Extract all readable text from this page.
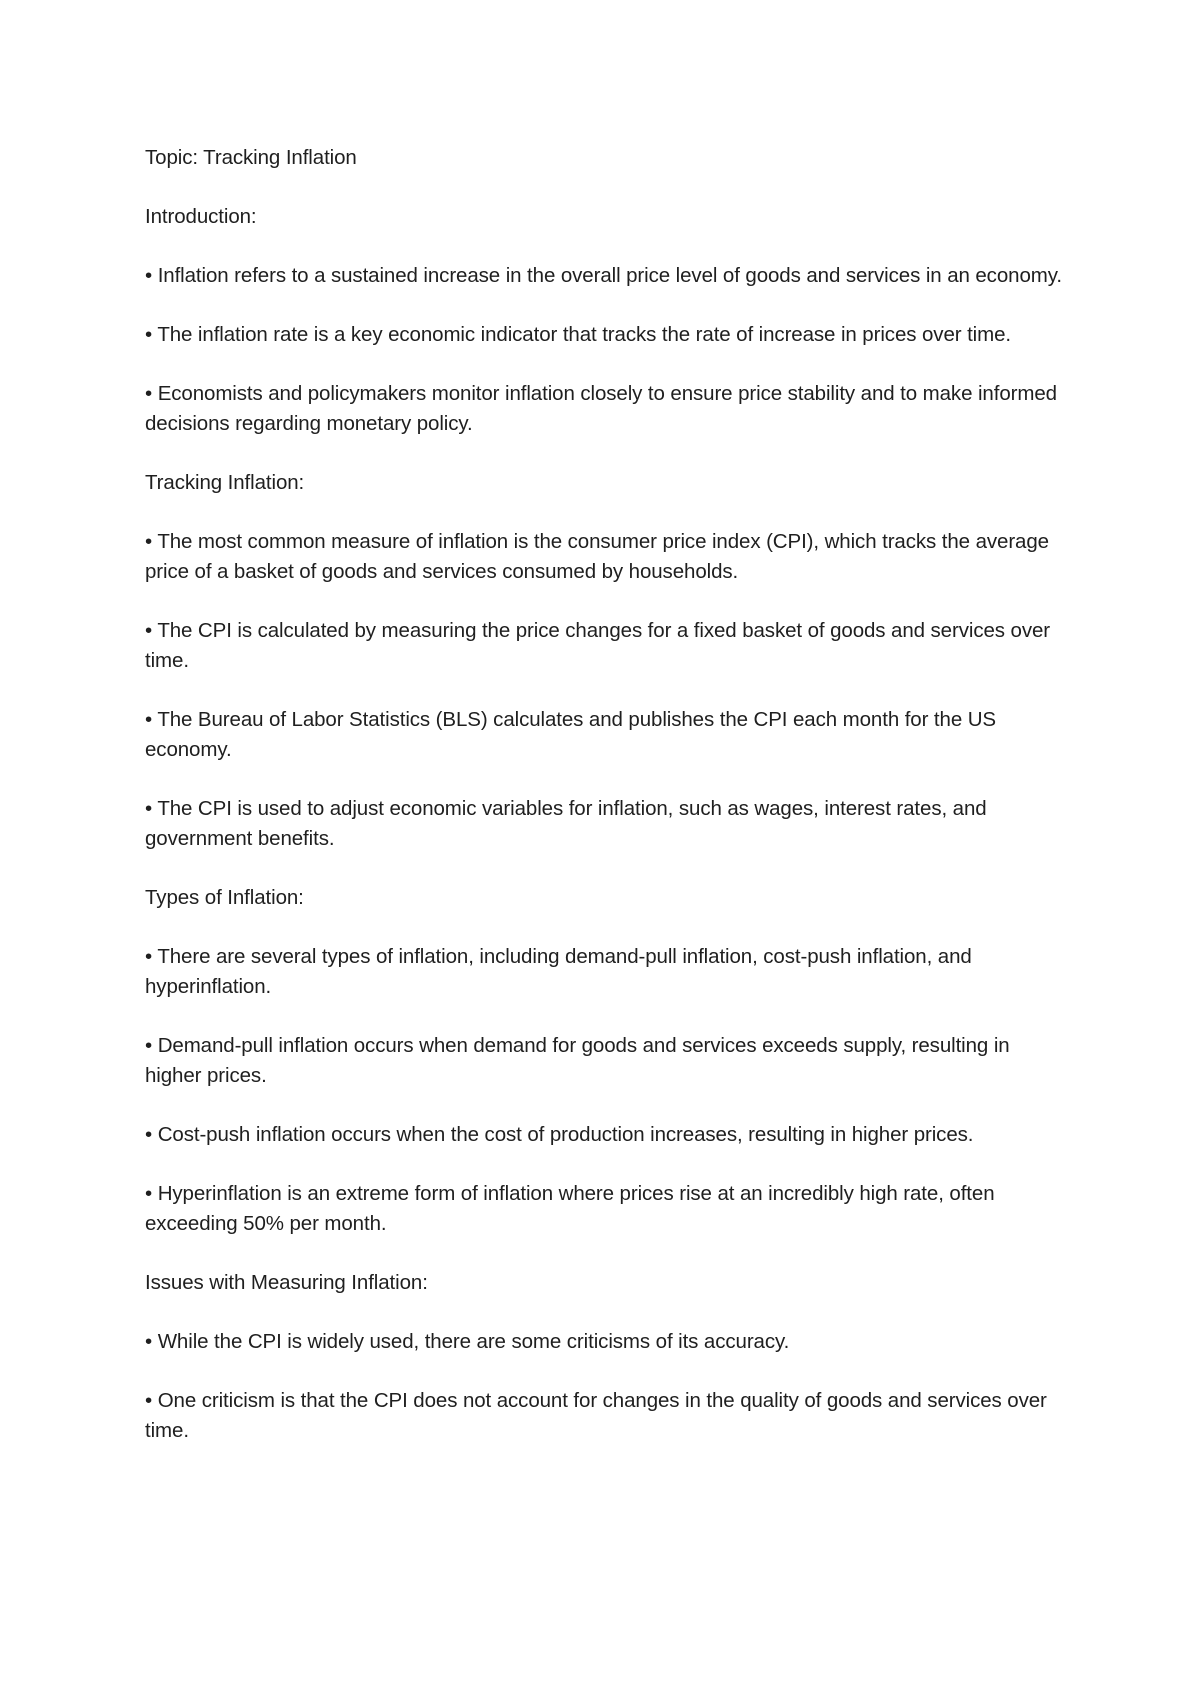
Topic: Tracking Inflation

Introduction:

• Inflation refers to a sustained increase in the overall price level of goods and services in an economy.

• The inflation rate is a key economic indicator that tracks the rate of increase in prices over time.

• Economists and policymakers monitor inflation closely to ensure price stability and to make informed decisions regarding monetary policy.

Tracking Inflation:

• The most common measure of inflation is the consumer price index (CPI), which tracks the average price of a basket of goods and services consumed by households.

• The CPI is calculated by measuring the price changes for a fixed basket of goods and services over time.

• The Bureau of Labor Statistics (BLS) calculates and publishes the CPI each month for the US economy.

• The CPI is used to adjust economic variables for inflation, such as wages, interest rates, and government benefits.

Types of Inflation:

• There are several types of inflation, including demand-pull inflation, cost-push inflation, and hyperinflation.

• Demand-pull inflation occurs when demand for goods and services exceeds supply, resulting in higher prices.

• Cost-push inflation occurs when the cost of production increases, resulting in higher prices.

• Hyperinflation is an extreme form of inflation where prices rise at an incredibly high rate, often exceeding 50% per month.

Issues with Measuring Inflation:

• While the CPI is widely used, there are some criticisms of its accuracy.

• One criticism is that the CPI does not account for changes in the quality of goods and services over time.
